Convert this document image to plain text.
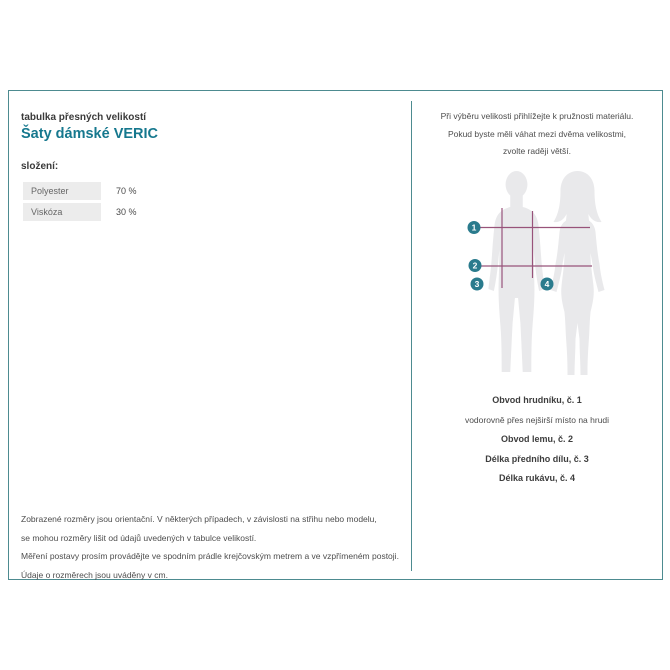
tabulka přesných velikostí
Šaty dámské VERIC
složení:
Polyester	70 %
Viskóza	30 %
Zobrazené rozměry jsou orientační. V některých případech, v závislosti na střihu nebo modelu,
se mohou rozměry lišit od údajů uvedených v tabulce velikostí.
Měření postavy prosím provádějte ve spodním prádle krejčovským metrem a ve vzpřímeném postoji.
Údaje o rozměrech jsou uváděny v cm.
Při výběru velikosti přihlížejte k pružnosti materiálu.
Pokud byste měli váhat mezi dvěma velikostmi,
zvolte raději větší.
1
2
3	4
Obvod hrudníku, č. 1
vodorovně přes nejširší místo na hrudi
Obvod lemu, č. 2
Délka předního dílu, č. 3
Délka rukávu, č. 4
